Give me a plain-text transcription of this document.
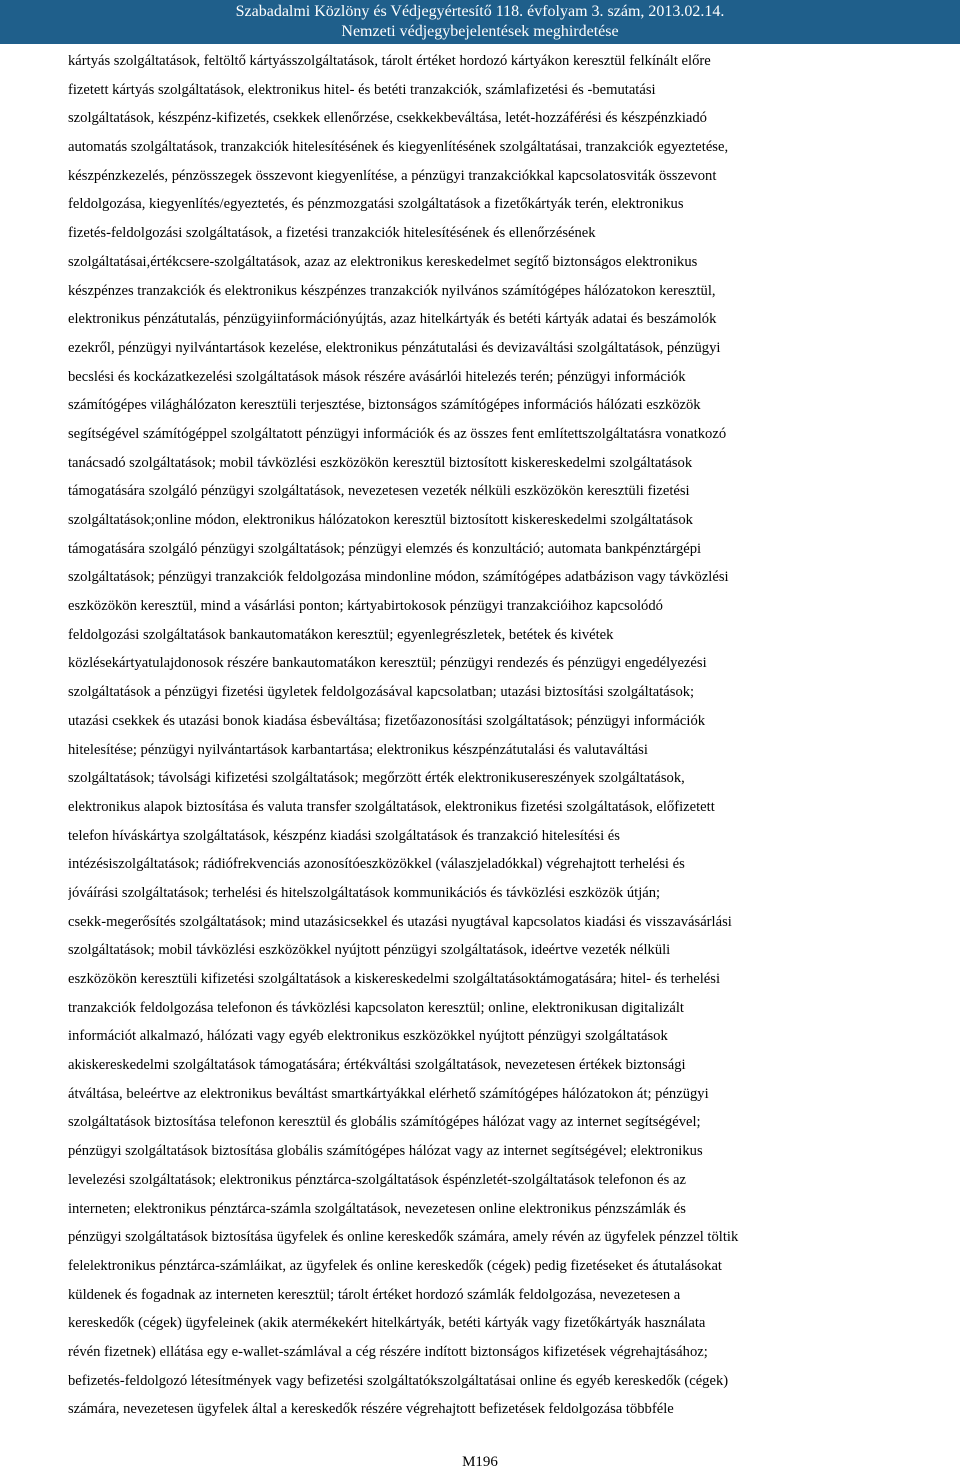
Szabadalmi Közlöny és Védjegyértesítő 118. évfolyam 3. szám, 2013.02.14.
Nemzeti védjegybejelentések meghirdetése
kártyás szolgáltatások, feltöltő kártyásszolgáltatások, tárolt értéket hordozó kártyákon keresztül felkínált előre
fizetett kártyás szolgáltatások, elektronikus hitel- és betéti tranzakciók, számlafizetési és -bemutatási
szolgáltatások, készpénz-kifizetés, csekkek ellenőrzése, csekkekbeváltása, letét-hozzáférési és készpénzkiadó
automatás szolgáltatások, tranzakciók hitelesítésének és kiegyenlítésének szolgáltatásai, tranzakciók egyeztetése,
készpénzkezelés, pénzösszegek összevont kiegyenlítése, a pénzügyi tranzakciókkal kapcsolatosviták összevont
feldolgozása, kiegyenlítés/egyeztetés, és pénzmozgatási szolgáltatások a fizetőkártyák terén, elektronikus
fizetés-feldolgozási szolgáltatások, a fizetési tranzakciók hitelesítésének és ellenőrzésének
szolgáltatásai,értékcsere-szolgáltatások, azaz az elektronikus kereskedelmet segítő biztonságos elektronikus
készpénzes tranzakciók és elektronikus készpénzes tranzakciók nyilvános számítógépes hálózatokon keresztül,
elektronikus pénzátutalás, pénzügyiinformációnyújtás, azaz hitelkártyák és betéti kártyák adatai és beszámolók
ezekről, pénzügyi nyilvántartások kezelése, elektronikus pénzátutalási és devizaváltási szolgáltatások, pénzügyi
becslési és kockázatkezelési szolgáltatások mások részére avásárlói hitelezés terén; pénzügyi információk
számítógépes világhálózaton keresztüli terjesztése, biztonságos számítógépes információs hálózati eszközök
segítségével számítógéppel szolgáltatott pénzügyi információk és az összes fent említettszolgáltatásra vonatkozó
tanácsadó szolgáltatások; mobil távközlési eszközökön keresztül biztosított kiskereskedelmi szolgáltatások
támogatására szolgáló pénzügyi szolgáltatások, nevezetesen vezeték nélküli eszközökön keresztüli fizetési
szolgáltatások;online módon, elektronikus hálózatokon keresztül biztosított kiskereskedelmi szolgáltatások
támogatására szolgáló pénzügyi szolgáltatások; pénzügyi elemzés és konzultáció; automata bankpénztárgépi
szolgáltatások; pénzügyi tranzakciók feldolgozása mindonline módon, számítógépes adatbázison vagy távközlési
eszközökön keresztül, mind a vásárlási ponton; kártyabirtokosok pénzügyi tranzakcióihoz kapcsolódó
feldolgozási szolgáltatások bankautomatákon keresztül; egyenlegrészletek, betétek és kivétek
közlésekártyatulajdonosok részére bankautomatákon keresztül; pénzügyi rendezés és pénzügyi engedélyezési
szolgáltatások a pénzügyi fizetési ügyletek feldolgozásával kapcsolatban; utazási biztosítási szolgáltatások;
utazási csekkek és utazási bonok kiadása ésbeváltása; fizetőazonosítási szolgáltatások; pénzügyi információk
hitelesítése; pénzügyi nyilvántartások karbantartása; elektronikus készpénzátutalási és valutaváltási
szolgáltatások; távolsági kifizetési szolgáltatások; megőrzött érték elektronikusereszények szolgáltatások,
elektronikus alapok biztosítása és valuta transfer szolgáltatások, elektronikus fizetési szolgáltatások, előfizetett
telefon híváskártya szolgáltatások, készpénz kiadási szolgáltatások és tranzakció hitelesítési és
intézésiszolgáltatások; rádiófrekvenciás azonosítóeszközökkel (válaszjeladókkal) végrehajtott terhelési és
jóváírási szolgáltatások; terhelési és hitelszolgáltatások kommunikációs és távközlési eszközök útján;
csekk-megerősítés szolgáltatások; mind utazásicsekkel és utazási nyugtával kapcsolatos kiadási és visszavásárlási
szolgáltatások; mobil távközlési eszközökkel nyújtott pénzügyi szolgáltatások, ideértve vezeték nélküli
eszközökön keresztüli kifizetési szolgáltatások a kiskereskedelmi szolgáltatásoktámogatására; hitel- és terhelési
tranzakciók feldolgozása telefonon és távközlési kapcsolaton keresztül; online, elektronikusan digitalizált
információt alkalmazó, hálózati vagy egyéb elektronikus eszközökkel nyújtott pénzügyi szolgáltatások
akiskereskedelmi szolgáltatások támogatására; értékváltási szolgáltatások, nevezetesen értékek biztonsági
átváltása, beleértve az elektronikus beváltást smartkártyákkal elérhető számítógépes hálózatokon át; pénzügyi
szolgáltatások biztosítása telefonon keresztül és globális számítógépes hálózat vagy az internet segítségével;
pénzügyi szolgáltatások biztosítása globális számítógépes hálózat vagy az internet segítségével; elektronikus
levelezési szolgáltatások; elektronikus pénztárca-szolgáltatások éspénzletét-szolgáltatások telefonon és az
interneten; elektronikus pénztárca-számla szolgáltatások, nevezetesen online elektronikus pénzszámlák és
pénzügyi szolgáltatások biztosítása ügyfelek és online kereskedők számára, amely révén az ügyfelek pénzzel töltik
felelektronikus pénztárca-számláikat, az ügyfelek és online kereskedők (cégek) pedig fizetéseket és átutalásokat
küldenek és fogadnak az interneten keresztül; tárolt értéket hordozó számlák feldolgozása, nevezetesen a
kereskedők (cégek) ügyfeleinek (akik atermékekért hitelkártyák, betéti kártyák vagy fizetőkártyák használata
révén fizetnek) ellátása egy e-wallet-számlával a cég részére indított biztonságos kifizetések végrehajtásához;
befizetés-feldolgozó létesítmények vagy befizetési szolgáltatókszolgáltatásai online és egyéb kereskedők (cégek)
számára, nevezetesen ügyfelek által a kereskedők részére végrehajtott befizetések feldolgozása többféle
M196
